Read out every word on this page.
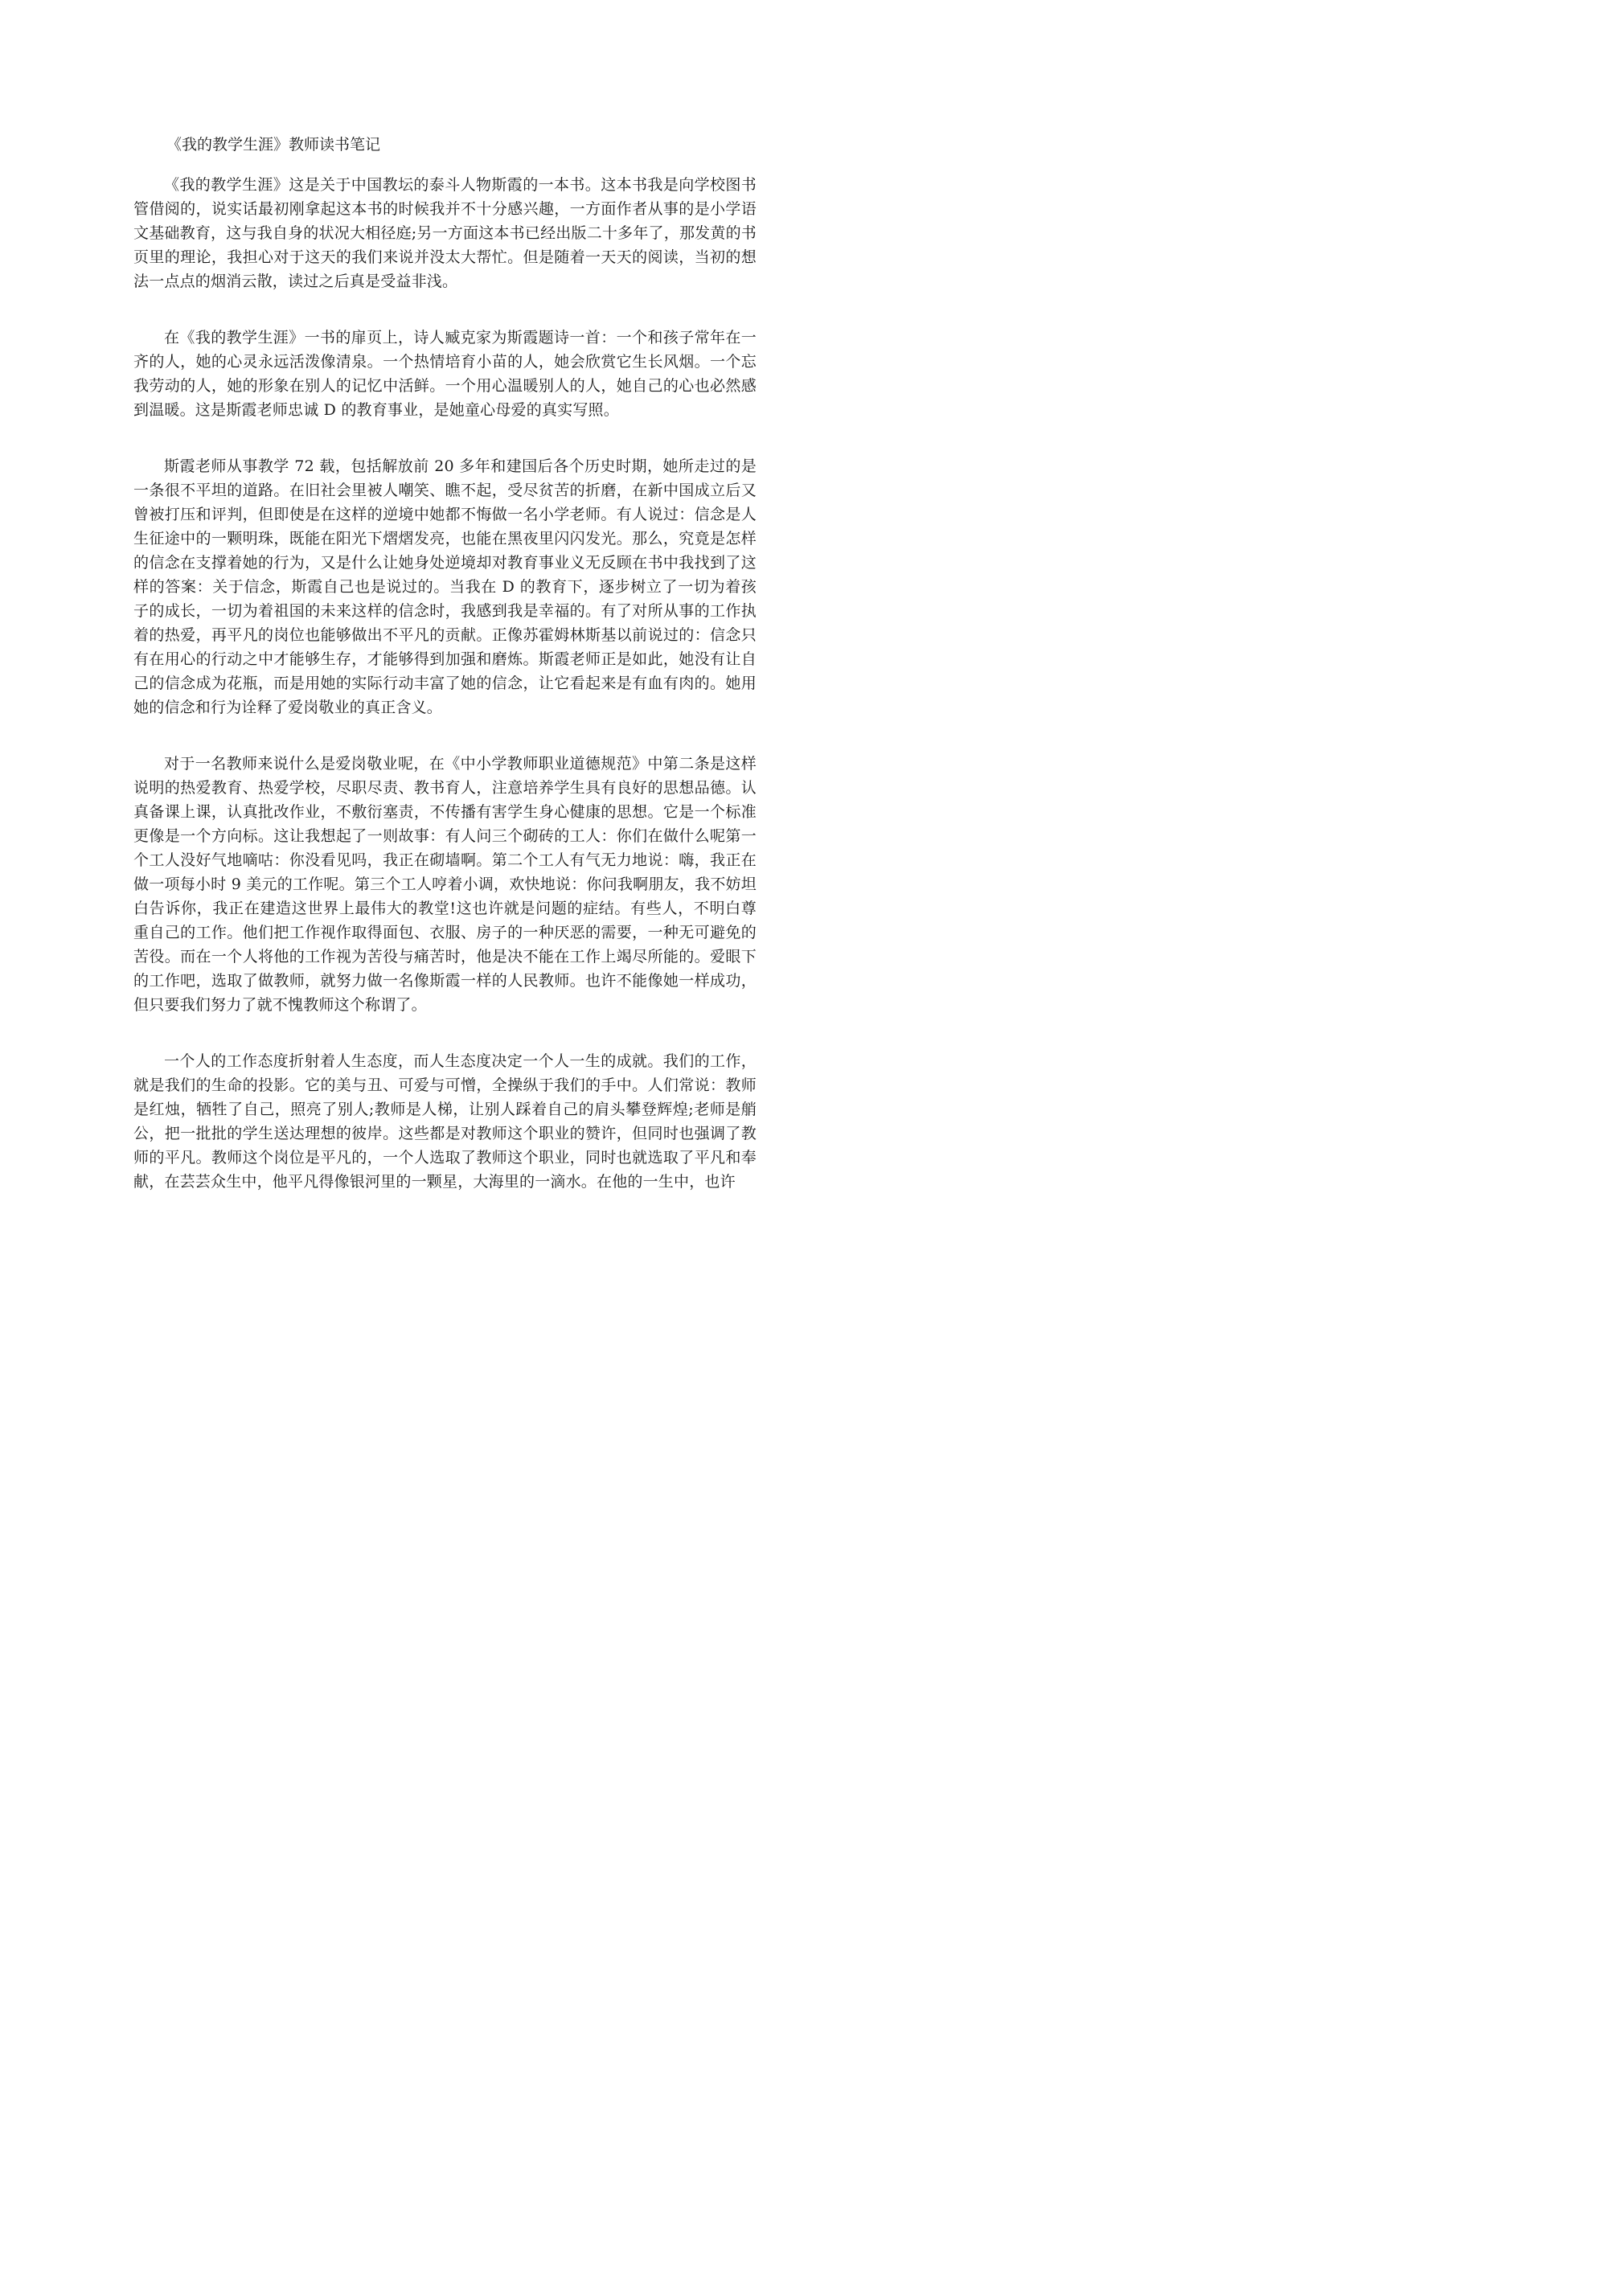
《我的教学生涯》教师读书笔记

《我的教学生涯》这是关于中国教坛的泰斗人物斯霞的一本书。这本书我是向学校图书管借阅的，说实话最初刚拿起这本书的时候我并不十分感兴趣，一方面作者从事的是小学语文基础教育，这与我自身的状况大相径庭;另一方面这本书已经出版二十多年了，那发黄的书页里的理论，我担心对于这天的我们来说并没太大帮忙。但是随着一天天的阅读，当初的想法一点点的烟消云散，读过之后真是受益非浅。

在《我的教学生涯》一书的扉页上，诗人臧克家为斯霞题诗一首：一个和孩子常年在一齐的人，她的心灵永远活泼像清泉。一个热情培育小苗的人，她会欣赏它生长风烟。一个忘我劳动的人，她的形象在别人的记忆中活鲜。一个用心温暖别人的人，她自己的心也必然感到温暖。这是斯霞老师忠诚 D 的教育事业，是她童心母爱的真实写照。

斯霞老师从事教学 72 载，包括解放前 20 多年和建国后各个历史时期，她所走过的是一条很不平坦的道路。在旧社会里被人嘲笑、瞧不起，受尽贫苦的折磨，在新中国成立后又曾被打压和评判，但即使是在这样的逆境中她都不悔做一名小学老师。有人说过：信念是人生征途中的一颗明珠，既能在阳光下熠熠发亮，也能在黑夜里闪闪发光。那么，究竟是怎样的信念在支撑着她的行为，又是什么让她身处逆境却对教育事业义无反顾在书中我找到了这样的答案：关于信念，斯霞自己也是说过的。当我在 D 的教育下，逐步树立了一切为着孩子的成长，一切为着祖国的未来这样的信念时，我感到我是幸福的。有了对所从事的工作执着的热爱，再平凡的岗位也能够做出不平凡的贡献。正像苏霍姆林斯基以前说过的：信念只有在用心的行动之中才能够生存，才能够得到加强和磨炼。斯霞老师正是如此，她没有让自己的信念成为花瓶，而是用她的实际行动丰富了她的信念，让它看起来是有血有肉的。她用她的信念和行为诠释了爱岗敬业的真正含义。

对于一名教师来说什么是爱岗敬业呢，在《中小学教师职业道德规范》中第二条是这样说明的热爱教育、热爱学校，尽职尽责、教书育人，注意培养学生具有良好的思想品德。认真备课上课，认真批改作业，不敷衍塞责，不传播有害学生身心健康的思想。它是一个标准更像是一个方向标。这让我想起了一则故事：有人问三个砌砖的工人：你们在做什么呢第一个工人没好气地嘀咕：你没看见吗，我正在砌墙啊。第二个工人有气无力地说：嗨，我正在做一项每小时 9 美元的工作呢。第三个工人哼着小调，欢快地说：你问我啊朋友，我不妨坦白告诉你，我正在建造这世界上最伟大的教堂!这也许就是问题的症结。有些人，不明白尊重自己的工作。他们把工作视作取得面包、衣服、房子的一种厌恶的需要，一种无可避免的苦役。而在一个人将他的工作视为苦役与痛苦时，他是决不能在工作上竭尽所能的。爱眼下的工作吧，选取了做教师，就努力做一名像斯霞一样的人民教师。也许不能像她一样成功，但只要我们努力了就不愧教师这个称谓了。

一个人的工作态度折射着人生态度，而人生态度决定一个人一生的成就。我们的工作，就是我们的生命的投影。它的美与丑、可爱与可憎，全操纵于我们的手中。人们常说：教师是红烛，牺牲了自己，照亮了别人;教师是人梯，让别人踩着自己的肩头攀登辉煌;老师是艄公，把一批批的学生送达理想的彼岸。这些都是对教师这个职业的赞许，但同时也强调了教师的平凡。教师这个岗位是平凡的，一个人选取了教师这个职业，同时也就选取了平凡和奉献，在芸芸众生中，他平凡得像银河里的一颗星，大海里的一滴水。在他的一生中，也许
